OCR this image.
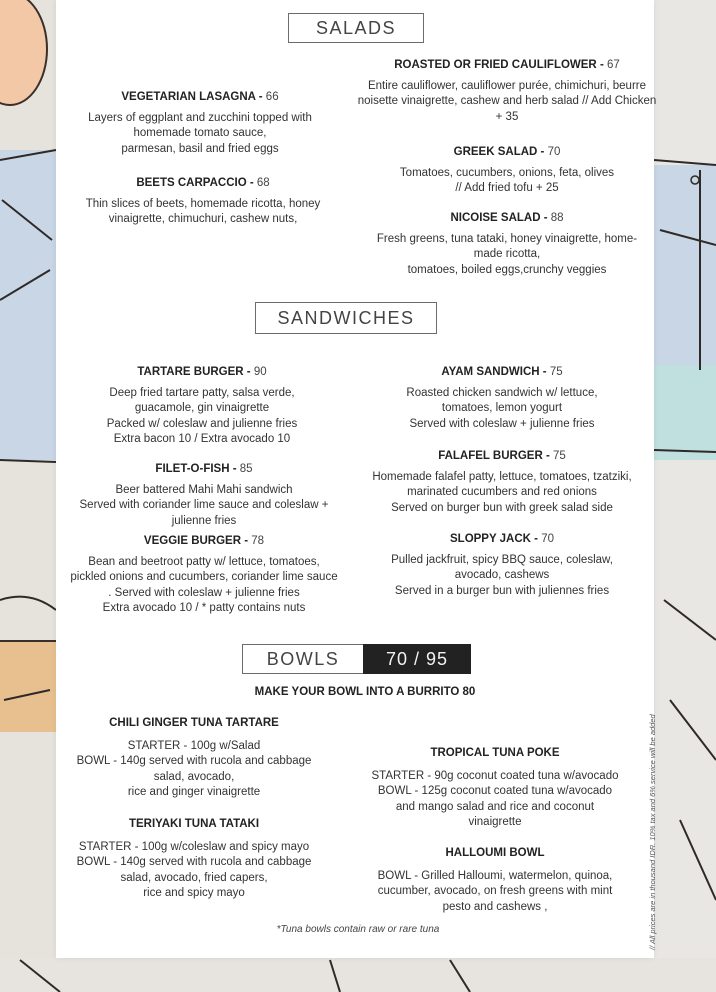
SALADS
VEGETARIAN LASAGNA - 66
Layers of eggplant and zucchini topped with homemade tomato sauce,
parmesan, basil and fried eggs
BEETS CARPACCIO - 68
Thin slices of beets, homemade ricotta, honey vinaigrette, chimuchuri, cashew nuts,
ROASTED OR FRIED CAULIFLOWER - 67
Entire cauliflower, cauliflower purée, chimichuri, beurre noisette vinaigrette, cashew and herb salad // Add Chicken + 35
GREEK SALAD - 70
Tomatoes, cucumbers, onions, feta, olives
// Add fried tofu + 25
NICOISE SALAD - 88
Fresh greens, tuna tataki, honey vinaigrette, home-made ricotta,
tomatoes, boiled eggs,crunchy veggies
SANDWICHES
TARTARE BURGER - 90
Deep fried tartare patty, salsa verde, guacamole, gin vinaigrette
Packed w/ coleslaw and julienne fries
Extra bacon 10 / Extra avocado 10
FILET-O-FISH - 85
Beer battered Mahi Mahi sandwich
Served with coriander lime sauce and coleslaw + julienne fries
VEGGIE BURGER - 78
Bean and beetroot patty w/ lettuce, tomatoes, pickled onions and cucumbers, coriander lime sauce . Served with coleslaw + julienne fries
Extra avocado 10 / * patty contains nuts
AYAM SANDWICH - 75
Roasted chicken sandwich w/ lettuce, tomatoes, lemon yogurt
Served with coleslaw + julienne fries
FALAFEL BURGER - 75
Homemade falafel patty, lettuce, tomatoes, tzatziki, marinated cucumbers and red onions
Served on burger bun with greek salad side
SLOPPY JACK - 70
Pulled jackfruit, spicy BBQ sauce, coleslaw, avocado, cashews
Served in a burger bun with juliennes fries
BOWLS	70 / 95
MAKE YOUR BOWL INTO A BURRITO 80
CHILI GINGER TUNA TARTARE
STARTER - 100g w/Salad
BOWL - 140g served with rucola and cabbage salad, avocado,
rice and ginger vinaigrette
TERIYAKI TUNA TATAKI
STARTER - 100g w/coleslaw and spicy mayo
BOWL - 140g served with rucola and cabbage salad, avocado, fried capers,
rice and spicy mayo
TROPICAL TUNA POKE
STARTER - 90g coconut coated tuna w/avocado
BOWL - 125g coconut coated tuna w/avocado and mango salad and rice and coconut vinaigrette
HALLOUMI BOWL
BOWL - Grilled Halloumi, watermelon, quinoa, cucumber, avocado, on fresh greens with mint pesto and cashews ,
*Tuna bowls contain raw or rare tuna	// All prices are in thousand IDR. 10% tax and 6% service will be added
